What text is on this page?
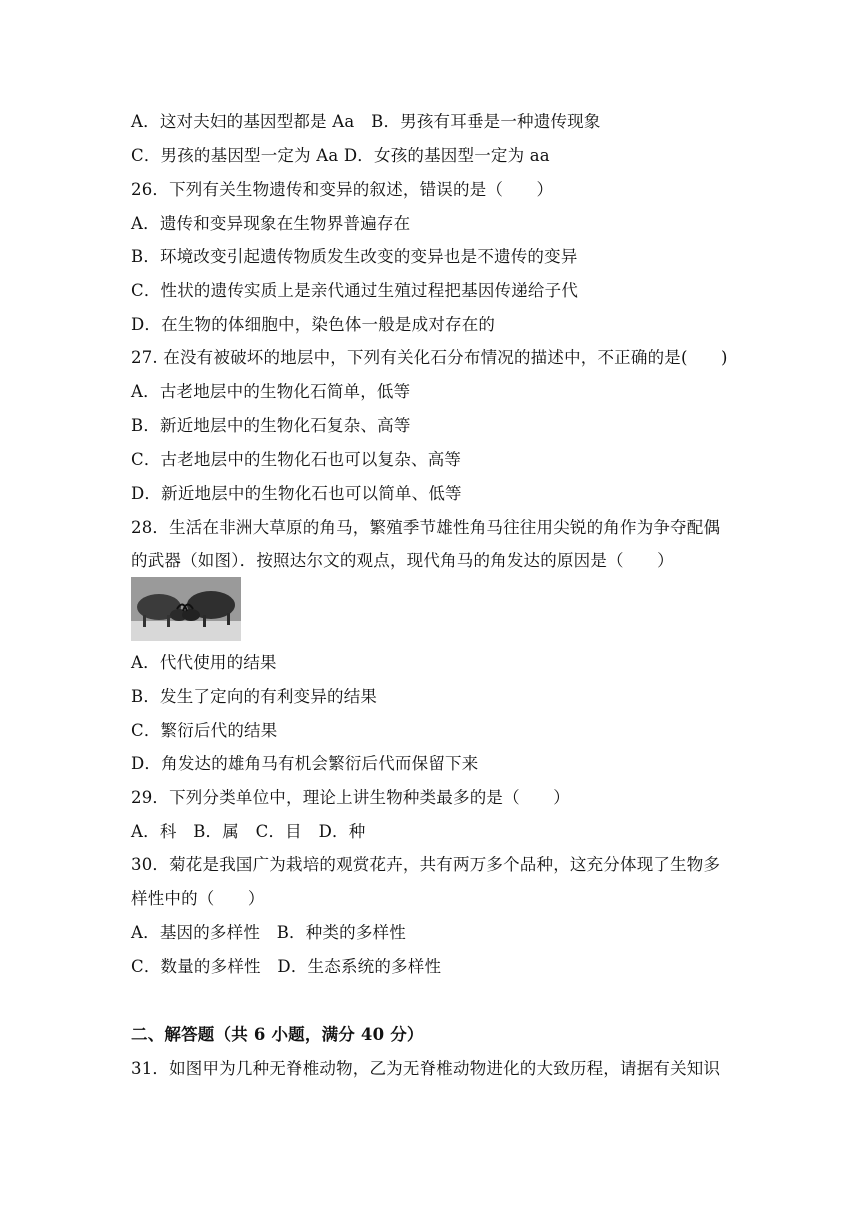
A．这对夫妇的基因型都是 Aa　B．男孩有耳垂是一种遗传现象
C．男孩的基因型一定为 Aa D．女孩的基因型一定为 aa
26．下列有关生物遗传和变异的叙述，错误的是（　　）
A．遗传和变异现象在生物界普遍存在
B．环境改变引起遗传物质发生改变的变异也是不遗传的变异
C．性状的遗传实质上是亲代通过生殖过程把基因传递给子代
D．在生物的体细胞中，染色体一般是成对存在的
27. 在没有被破坏的地层中，下列有关化石分布情况的描述中，不正确的是(　　)
A．古老地层中的生物化石简单，低等
B．新近地层中的生物化石复杂、高等
C．古老地层中的生物化石也可以复杂、高等
D．新近地层中的生物化石也可以简单、低等
28．生活在非洲大草原的角马，繁殖季节雄性角马往往用尖锐的角作为争夺配偶
的武器（如图）．按照达尔文的观点，现代角马的角发达的原因是（　　）
A．代代使用的结果
B．发生了定向的有利变异的结果
C．繁衍后代的结果
D．角发达的雄角马有机会繁衍后代而保留下来
29．下列分类单位中，理论上讲生物种类最多的是（　　）
A．科　B．属　C．目　D．种
30．菊花是我国广为栽培的观赏花卉，共有两万多个品种，这充分体现了生物多
样性中的（　　）
A．基因的多样性　B．种类的多样性
C．数量的多样性　D．生态系统的多样性
二、解答题（共 6 小题，满分 40 分）
31．如图甲为几种无脊椎动物，乙为无脊椎动物进化的大致历程，请据有关知识
